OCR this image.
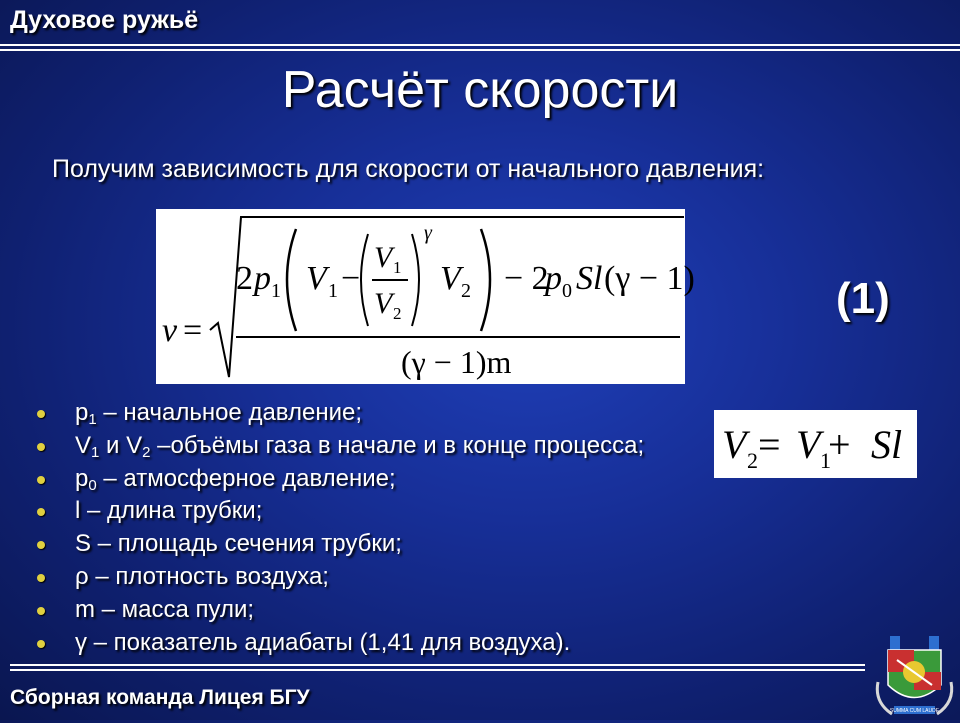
Духовое ружьё
Расчёт скорости
Получим зависимость для скорости от начального давления:
v =
2 p 1 V 1 −
V 1
V 2
γ
V 2 − 2
p 0 Sl (γ − 1)
(γ − 1)m
(1)
V 2 = V 1
+ Sl
$p_1$ – начальное давление;
$V_1$ и $V_2$ –объёмы газа в начале и в конце процесса;
$p_0$ – атмосферное давление;
l – длина трубки;
S – площадь сечения трубки;
ρ – плотность воздуха;
m – масса пули;
γ – показатель адиабаты (1,41 для воздуха).
Сборная команда Лицея БГУ
SUMMA CUM LAUDE
